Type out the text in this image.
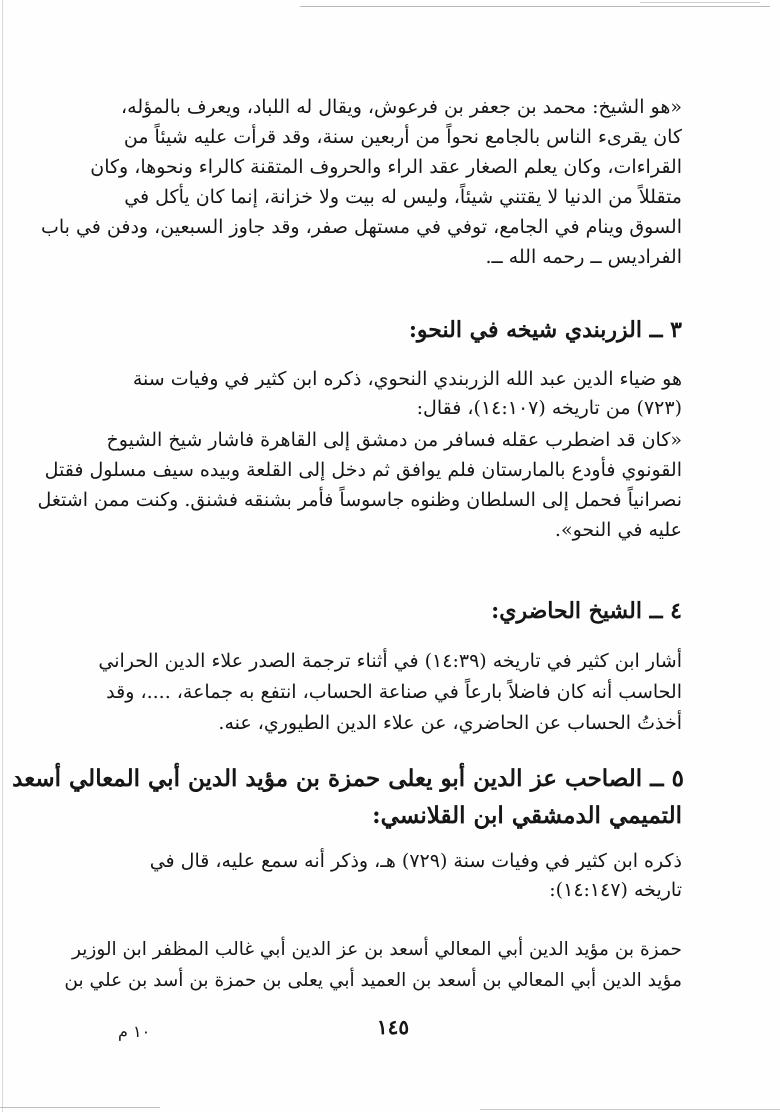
«هو الشيخ: محمد بن جعفر بن فرعوش، ويقال له اللباد، ويعرف بالمؤله،
كان يقرىء الناس بالجامع نحواً من أربعين سنة، وقد قرأت عليه شيئاً من
القراءات، وكان يعلم الصغار عقد الراء والحروف المتقنة كالراء ونحوها، وكان
متقللاً من الدنيا لا يقتني شيئاً، وليس له بيت ولا خزانة، إنما كان يأكل في
السوق وينام في الجامع، توفي في مستهل صفر، وقد جاوز السبعين، ودفن في باب
الفراديس ــ رحمه الله ــ.
٣ ــ الزربندي شيخه في النحو:
هو ضياء الدين عبد الله الزربندي النحوي، ذكره ابن كثير في وفيات سنة
(٧٢٣) من تاريخه (١٤:١٠٧)، فقال:
«كان قد اضطرب عقله فسافر من دمشق إلى القاهرة فاشار شيخ الشيوخ
القونوي فأودع بالمارستان فلم يوافق ثم دخل إلى القلعة وبيده سيف مسلول فقتل
نصرانياً فحمل إلى السلطان وظنوه جاسوساً فأمر بشنقه فشنق. وكنت ممن اشتغل
عليه في النحو».
٤ ــ الشيخ الحاضري:
أشار ابن كثير في تاريخه (١٤:٣٩) في أثناء ترجمة الصدر علاء الدين الحراني
الحاسب أنه كان فاضلاً بارعاً في صناعة الحساب، انتفع به جماعة، ....، وقد
أخذتُ الحساب عن الحاضري، عن علاء الدين الطيوري، عنه.
٥ ــ الصاحب عز الدين أبو يعلى حمزة بن مؤيد الدين أبي المعالي أسعد
التميمي الدمشقي ابن القلانسي:
ذكره ابن كثير في وفيات سنة (٧٢٩) هـ، وذكر أنه سمع عليه، قال في
تاريخه (١٤:١٤٧):
حمزة بن مؤيد الدين أبي المعالي أسعد بن عز الدين أبي غالب المظفر ابن الوزير
مؤيد الدين أبي المعالي بن أسعد بن العميد أبي يعلى بن حمزة بن أسد بن علي بن
١٤٥
١٠ م
